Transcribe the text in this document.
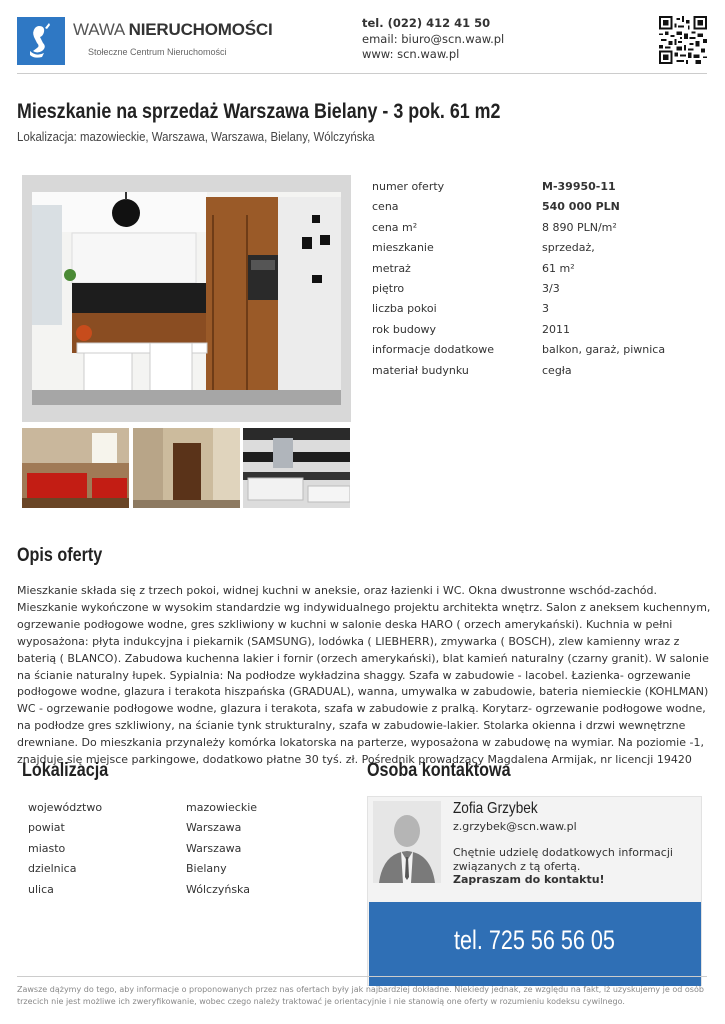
WAWA NIERUCHOMOŚCI
Stołeczne Centrum Nieruchomości
tel. (022) 412 41 50
email: biuro@scn.waw.pl
www: scn.waw.pl
Mieszkanie na sprzedaż Warszawa Bielany - 3 pok. 61 m2
Lokalizacja: mazowieckie, Warszawa, Warszawa, Bielany, Wólczyńska
numer oferty	M-39950-11
cena	540 000 PLN
cena m²	8 890 PLN/m²
mieszkanie	sprzedaż,
metraż	61 m²
piętro	3/3
liczba pokoi	3
rok budowy	2011
informacje dodatkowe	balkon, garaż, piwnica
materiał budynku	cegła
Opis oferty

Mieszkanie składa się z trzech pokoi, widnej kuchni w aneksie, oraz łazienki i WC. Okna dwustronne wschód-zachód. Mieszkanie wykończone w wysokim standardzie wg indywidualnego projektu architekta wnętrz. Salon z aneksem kuchennym, ogrzewanie podłogowe wodne, gres szkliwiony w kuchni w salonie deska HARO ( orzech amerykański). Kuchnia w pełni wyposażona: płyta indukcyjna i piekarnik (SAMSUNG), lodówka ( LIEBHERR), zmywarka ( BOSCH), zlew kamienny wraz z baterią ( BLANCO). Zabudowa kuchenna lakier i fornir (orzech amerykański), blat kamień naturalny (czarny granit). W salonie na ścianie naturalny łupek. Sypialnia: Na podłodze wykładzina shaggy. Szafa w zabudowie - lacobel. Łazienka- ogrzewanie podłogowe wodne, glazura i terakota hiszpańska (GRADUAL), wanna, umywalka w zabudowie, bateria niemieckie (KOHLMAN) WC - ogrzewanie podłogowe wodne, glazura i terakota, szafa w zabudowie z pralką. Korytarz- ogrzewanie podłogowe wodne, na podłodze gres szkliwiony, na ścianie tynk strukturalny, szafa w zabudowie-lakier. Stolarka okienna i drzwi wewnętrzne drewniane. Do mieszkania przynależy komórka lokatorska na parterze, wyposażona w zabudowę na wymiar. Na poziomie -1, znajduje się miejsce parkingowe, dodatkowo płatne 30 tyś. zł. Pośrednik prowadzący Magdalena Armijak, nr licencji 19420

Lokalizacja
województwo	mazowieckie
powiat	Warszawa
miasto	Warszawa
dzielnica	Bielany
ulica	Wólczyńska
Osoba kontaktowa
Zofia Grzybek
z.grzybek@scn.waw.pl
Chętnie udzielę dodatkowych informacji związanych z tą ofertą.
Zapraszam do kontaktu!
tel. 725 56 56 05
Zawsze dążymy do tego, aby informacje o proponowanych przez nas ofertach były jak najbardziej dokładne. Niekiedy jednak, ze względu na fakt, iż uzyskujemy je od osób trzecich nie jest możliwe ich zweryfikowanie, wobec czego należy traktować je orientacyjnie i nie stanowią one oferty w rozumieniu kodeksu cywilnego.
